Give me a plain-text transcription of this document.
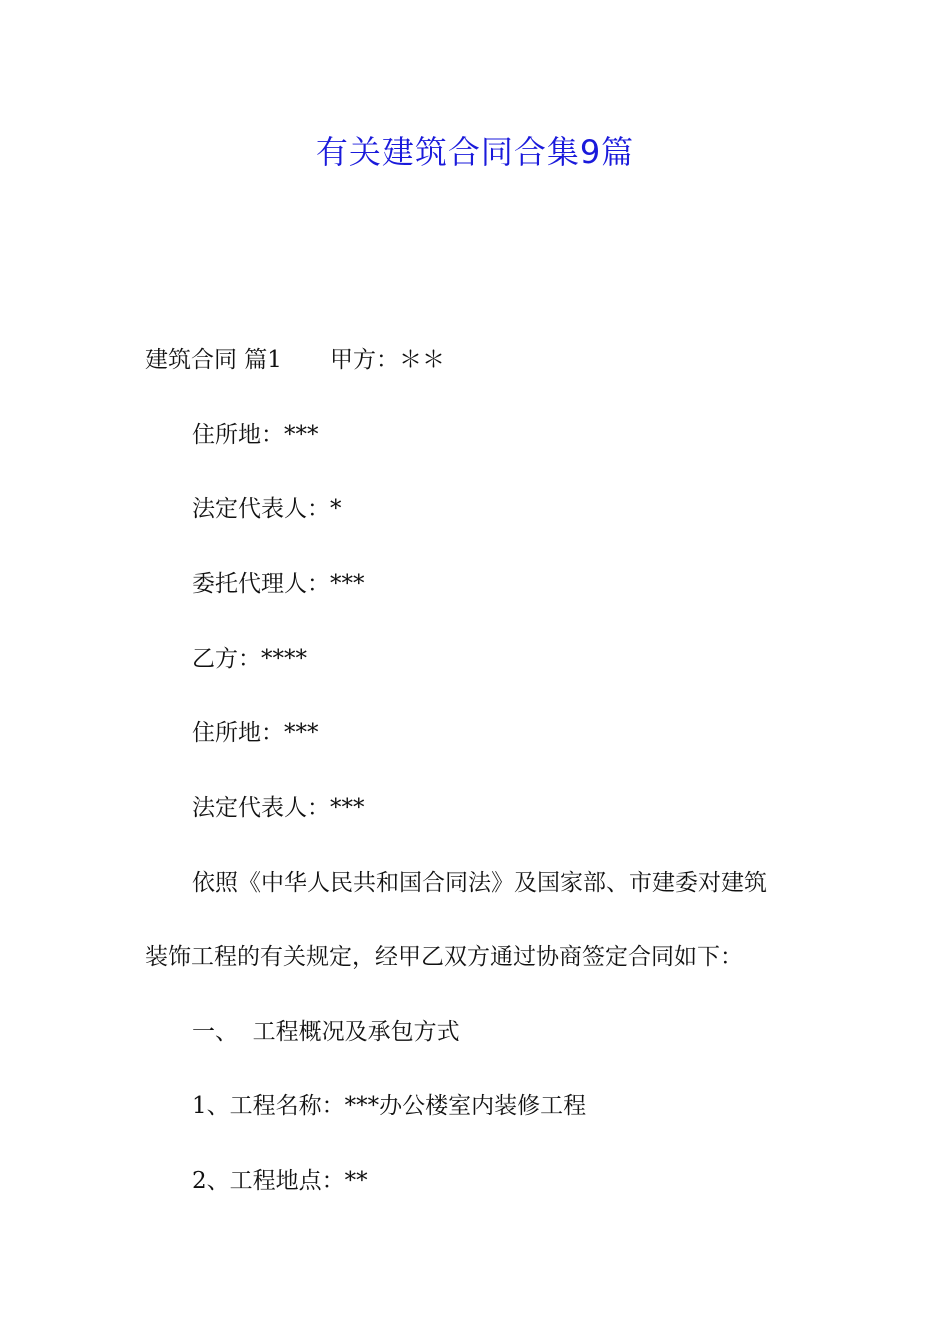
有关建筑合同合集9篇
建筑合同 篇1 甲方：＊＊
住所地：***
法定代表人：*
委托代理人：***
乙方：****
住所地：***
法定代表人：***
依照《中华人民共和国合同法》及国家部、市建委对建筑
装饰工程的有关规定，经甲乙双方通过协商签定合同如下：
一、  工程概况及承包方式
1、工程名称：***办公楼室内装修工程
2、工程地点：**
